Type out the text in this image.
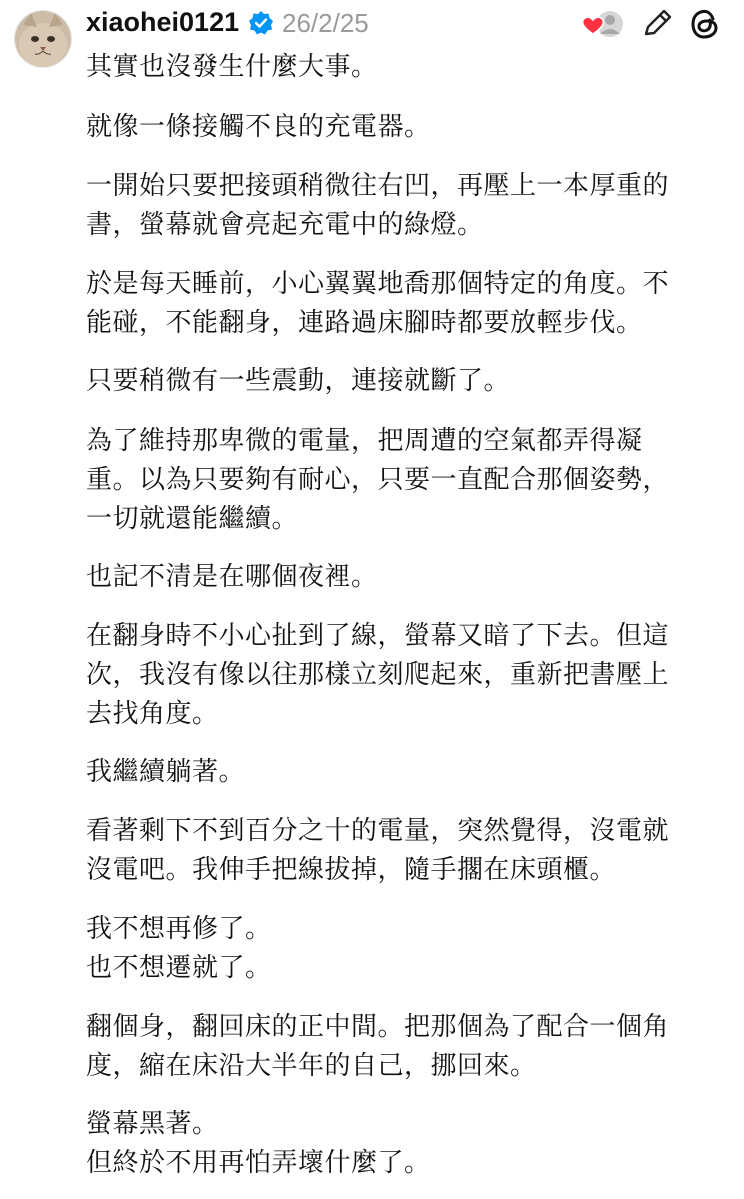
xiaohei0121 26/2/25

其實也沒發生什麼大事。

就像一條接觸不良的充電器。

一開始只要把接頭稍微往右凹，再壓上一本厚重的
書，螢幕就會亮起充電中的綠燈。

於是每天睡前，小心翼翼地喬那個特定的角度。不
能碰，不能翻身，連路過床腳時都要放輕步伐。

只要稍微有一些震動，連接就斷了。

為了維持那卑微的電量，把周遭的空氣都弄得凝
重。以為只要夠有耐心，只要一直配合那個姿勢，
一切就還能繼續。

也記不清是在哪個夜裡。

在翻身時不小心扯到了線，螢幕又暗了下去。但這
次，我沒有像以往那樣立刻爬起來，重新把書壓上
去找角度。

我繼續躺著。

看著剩下不到百分之十的電量，突然覺得，沒電就
沒電吧。我伸手把線拔掉，隨手擱在床頭櫃。

我不想再修了。
也不想遷就了。

翻個身，翻回床的正中間。把那個為了配合一個角
度，縮在床沿大半年的自己，挪回來。

螢幕黑著。
但終於不用再怕弄壞什麼了。
